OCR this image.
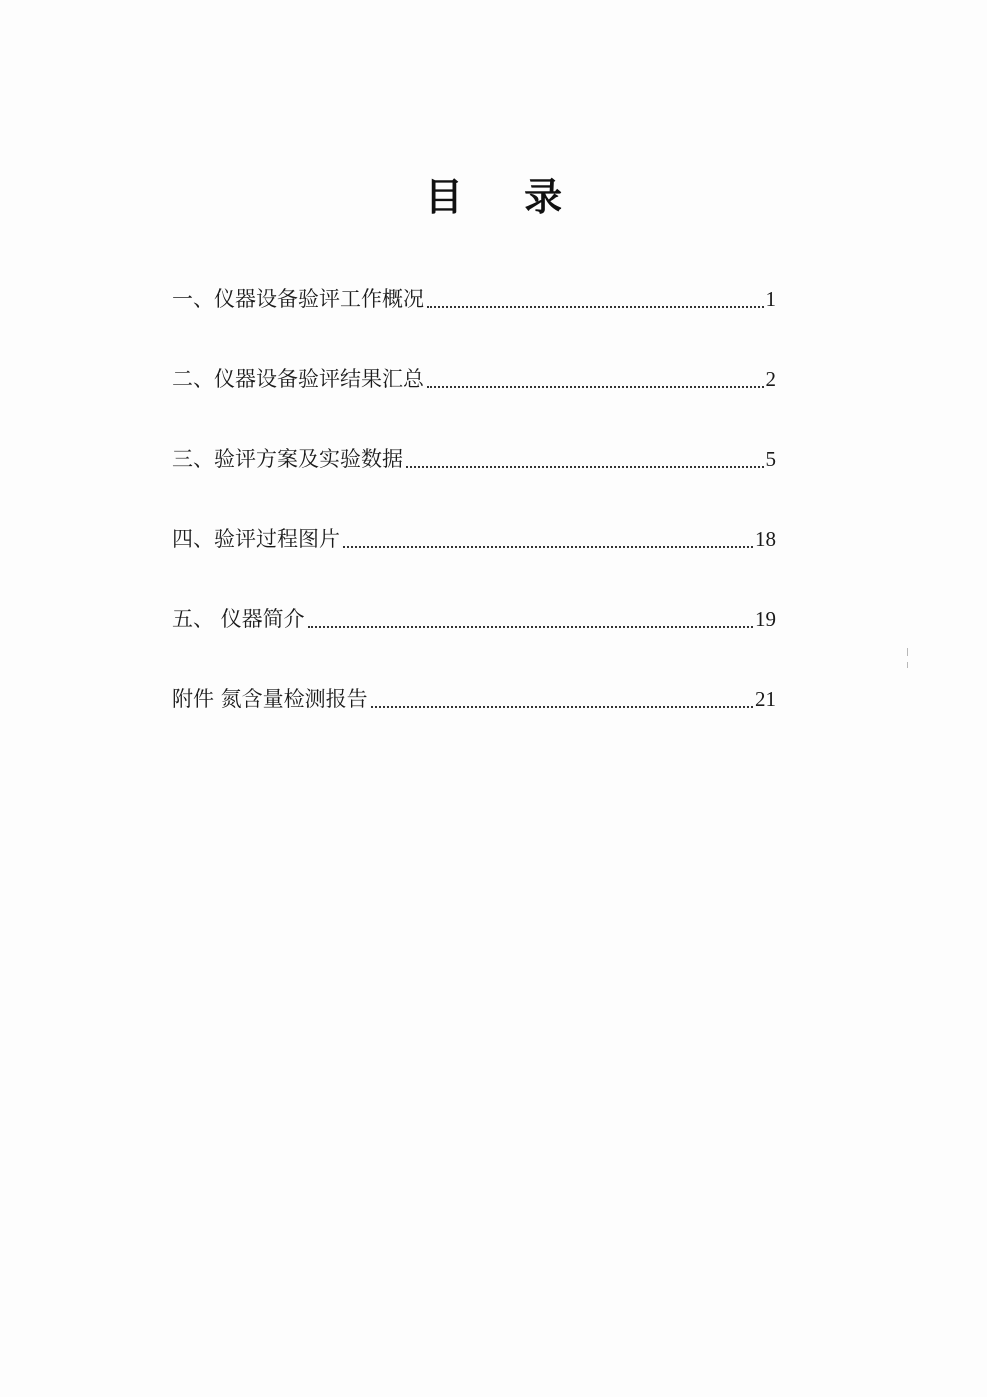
目 录
一、仪器设备验评工作概况	1
二、仪器设备验评结果汇总	2
三、验评方案及实验数据	5
四、验评过程图片	18
五、 仪器简介	19
附件 氮含量检测报告	21
